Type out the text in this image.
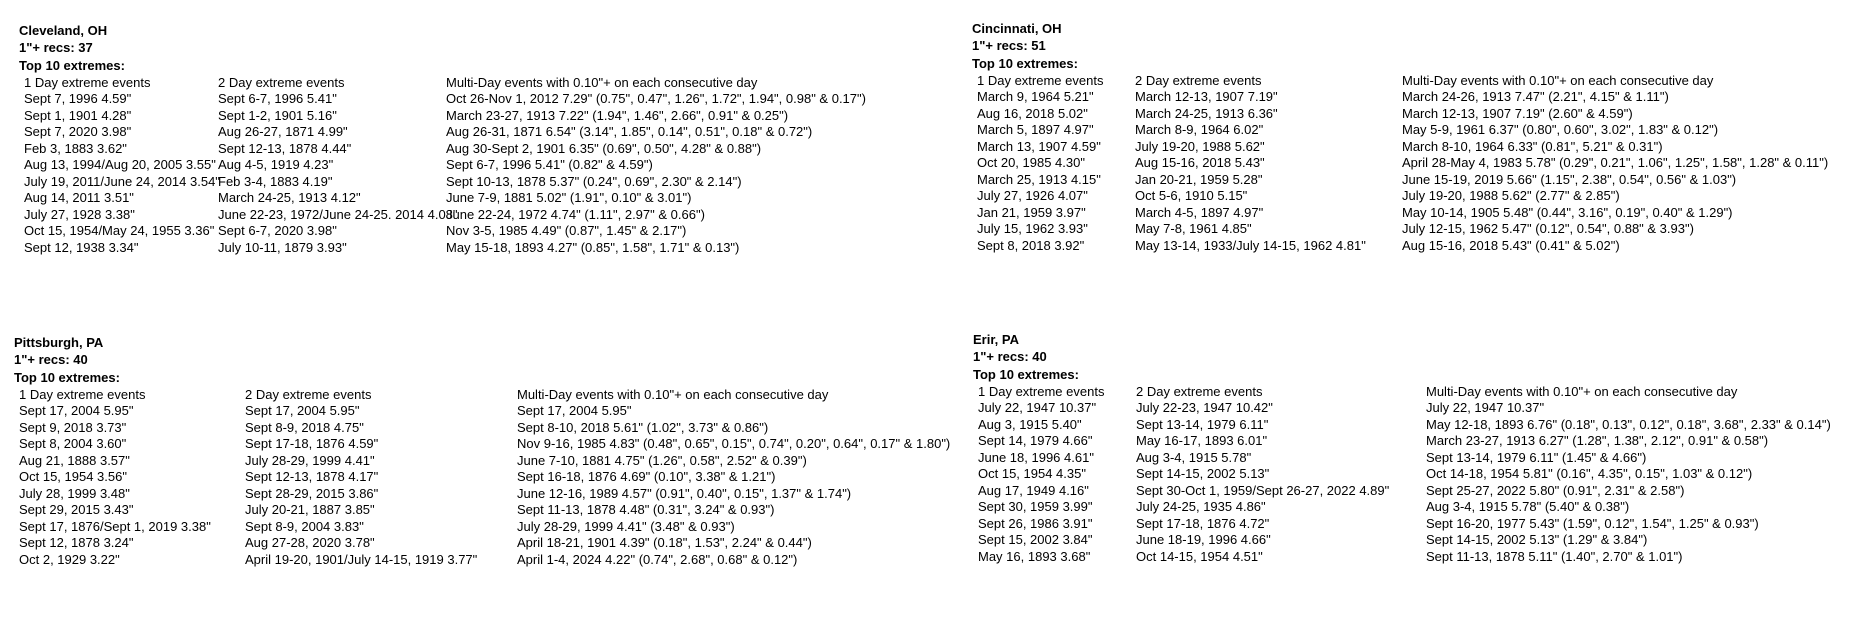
Cleveland, OH
1"+ recs: 37
Top 10 extremes:
1 Day extreme events
Sept 7, 1996 4.59"
Sept 1, 1901 4.28"
Sept 7, 2020 3.98"
Feb 3, 1883 3.62"
Aug 13, 1994/Aug 20, 2005 3.55"
July 19, 2011/June 24, 2014 3.54"
Aug 14, 2011 3.51"
July 27, 1928 3.38"
Oct 15, 1954/May 24, 1955 3.36"
Sept 12, 1938 3.34"
2 Day extreme events
Sept 6-7, 1996 5.41"
Sept 1-2, 1901 5.16"
Aug 26-27, 1871 4.99"
Sept 12-13, 1878 4.44"
Aug 4-5, 1919 4.23"
Feb 3-4, 1883 4.19"
March 24-25, 1913 4.12"
June 22-23, 1972/June 24-25. 2014 4.08"
Sept 6-7, 2020 3.98"
July 10-11, 1879 3.93"
Multi-Day events with 0.10"+ on each consecutive day
Oct 26-Nov 1, 2012 7.29" (0.75", 0.47", 1.26", 1.72", 1.94", 0.98" & 0.17")
March 23-27, 1913 7.22" (1.94", 1.46", 2.66", 0.91" & 0.25")
Aug 26-31, 1871 6.54" (3.14", 1.85", 0.14", 0.51", 0.18" & 0.72")
Aug 30-Sept 2, 1901 6.35" (0.69", 0.50", 4.28" & 0.88")
Sept 6-7, 1996 5.41" (0.82" & 4.59")
Sept 10-13, 1878 5.37" (0.24", 0.69", 2.30" & 2.14")
June 7-9, 1881 5.02" (1.91", 0.10" & 3.01")
June 22-24, 1972 4.74" (1.11", 2.97" & 0.66")
Nov 3-5, 1985 4.49" (0.87", 1.45" & 2.17")
May 15-18, 1893 4.27" (0.85", 1.58", 1.71" & 0.13")
Cincinnati, OH
1"+ recs: 51
Top 10 extremes:
1 Day extreme events
March 9, 1964 5.21"
Aug 16, 2018 5.02"
March 5, 1897 4.97"
March 13, 1907 4.59"
Oct 20, 1985 4.30"
March 25, 1913 4.15"
July 27, 1926 4.07"
Jan 21, 1959 3.97"
July 15, 1962 3.93"
Sept 8, 2018 3.92"
2 Day extreme events
March 12-13, 1907 7.19"
March 24-25, 1913 6.36"
March 8-9, 1964 6.02"
July 19-20, 1988 5.62"
Aug 15-16, 2018 5.43"
Jan 20-21, 1959 5.28"
Oct 5-6, 1910 5.15"
March 4-5, 1897 4.97"
May 7-8, 1961 4.85"
May 13-14, 1933/July 14-15, 1962 4.81"
Multi-Day events with 0.10"+ on each consecutive day
March 24-26, 1913 7.47" (2.21", 4.15" & 1.11")
March 12-13, 1907 7.19" (2.60" & 4.59")
May 5-9, 1961 6.37" (0.80", 0.60", 3.02", 1.83" & 0.12")
March 8-10, 1964 6.33" (0.81", 5.21" & 0.31")
April 28-May 4, 1983 5.78" (0.29", 0.21", 1.06", 1.25", 1.58", 1.28" & 0.11")
June 15-19, 2019 5.66" (1.15", 2.38", 0.54", 0.56" & 1.03")
July 19-20, 1988 5.62" (2.77" & 2.85")
May 10-14, 1905 5.48" (0.44", 3.16", 0.19", 0.40" & 1.29")
July 12-15, 1962 5.47" (0.12", 0.54", 0.88" & 3.93")
Aug 15-16, 2018 5.43" (0.41" & 5.02")
Pittsburgh, PA
1"+ recs: 40
Top 10 extremes:
1 Day extreme events
Sept 17, 2004 5.95"
Sept 9, 2018 3.73"
Sept 8, 2004 3.60"
Aug 21, 1888 3.57"
Oct 15, 1954 3.56"
July 28, 1999 3.48"
Sept 29, 2015 3.43"
Sept 17, 1876/Sept 1, 2019 3.38"
Sept 12, 1878 3.24"
Oct 2, 1929 3.22"
2 Day extreme events
Sept 17, 2004 5.95"
Sept 8-9, 2018 4.75"
Sept 17-18, 1876 4.59"
July 28-29, 1999 4.41"
Sept 12-13, 1878 4.17"
Sept 28-29, 2015 3.86"
July 20-21, 1887 3.85"
Sept 8-9, 2004 3.83"
Aug 27-28, 2020 3.78"
April 19-20, 1901/July 14-15, 1919 3.77"
Multi-Day events with 0.10"+ on each consecutive day
Sept 17, 2004 5.95"
Sept 8-10, 2018 5.61" (1.02", 3.73" & 0.86")
Nov 9-16, 1985 4.83" (0.48", 0.65", 0.15", 0.74", 0.20", 0.64", 0.17" & 1.80")
June 7-10, 1881 4.75" (1.26", 0.58", 2.52" & 0.39")
Sept 16-18, 1876 4.69" (0.10", 3.38" & 1.21")
June 12-16, 1989 4.57" (0.91", 0.40", 0.15", 1.37" & 1.74")
Sept 11-13, 1878 4.48" (0.31", 3.24" & 0.93")
July 28-29, 1999 4.41" (3.48" & 0.93")
April 18-21, 1901 4.39" (0.18", 1.53", 2.24" & 0.44")
April 1-4, 2024 4.22" (0.74", 2.68", 0.68" & 0.12")
Erir, PA
1"+ recs: 40
Top 10 extremes:
1 Day extreme events
July 22, 1947 10.37"
Aug 3, 1915 5.40"
Sept 14, 1979 4.66"
June 18, 1996 4.61"
Oct 15, 1954 4.35"
Aug 17, 1949 4.16"
Sept 30, 1959 3.99"
Sept 26, 1986 3.91"
Sept 15, 2002 3.84"
May 16, 1893 3.68"
2 Day extreme events
July 22-23, 1947 10.42"
Sept 13-14, 1979 6.11"
May 16-17, 1893 6.01"
Aug 3-4, 1915 5.78"
Sept 14-15, 2002 5.13"
Sept 30-Oct 1, 1959/Sept 26-27, 2022 4.89"
July 24-25, 1935 4.86"
Sept 17-18, 1876 4.72"
June 18-19, 1996 4.66"
Oct 14-15, 1954 4.51"
Multi-Day events with 0.10"+ on each consecutive day
July 22, 1947 10.37"
May 12-18, 1893 6.76" (0.18", 0.13", 0.12", 0.18", 3.68", 2.33" & 0.14")
March 23-27, 1913 6.27" (1.28", 1.38", 2.12", 0.91" & 0.58")
Sept 13-14, 1979 6.11" (1.45" & 4.66")
Oct 14-18, 1954 5.81" (0.16", 4.35", 0.15", 1.03" & 0.12")
Sept 25-27, 2022 5.80" (0.91", 2.31" & 2.58")
Aug 3-4, 1915 5.78" (5.40" & 0.38")
Sept 16-20, 1977 5.43" (1.59", 0.12", 1.54", 1.25" & 0.93")
Sept 14-15, 2002 5.13" (1.29" & 3.84")
Sept 11-13, 1878 5.11" (1.40", 2.70" & 1.01")
